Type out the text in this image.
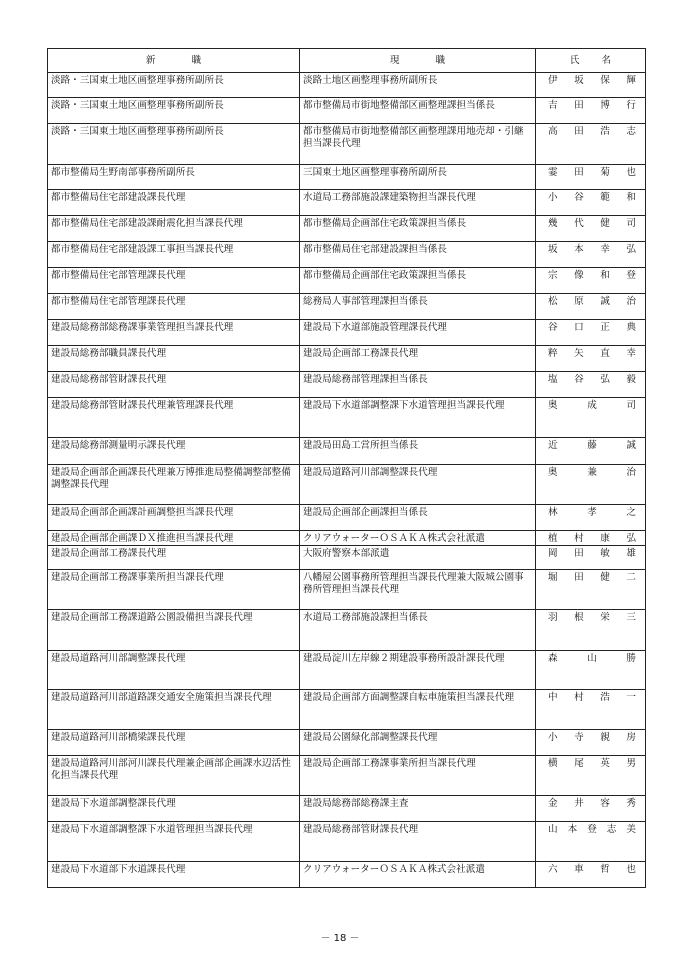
新職	現職	氏名
淡路・三国東土地区画整理事務所副所長	淡路土地区画整理事務所副所長	伊 坂 保 輝

淡路・三国東土地区画整理事務所副所長	都市整備局市街地整備部区画整理課担当係長	吉 田 博 行

淡路・三国東土地区画整理事務所副所長	都市整備局市街地整備部区画整理課用地売却・引継担当課長代理	高 田 浩 志

都市整備局生野南部事務所副所長	三国東土地区画整理事務所副所長	霎 田 菊 也

都市整備局住宅部建設課長代理	水道局工務部施設課建築物担当課長代理	小 谷 範 和

都市整備局住宅部建設課耐震化担当課長代理	都市整備局企画部住宅政策課担当係長	幾 代 健 司

都市整備局住宅部建設課工事担当課長代理	都市整備局住宅部建設課担当係長	坂 本 幸 弘

都市整備局住宅部管理課長代理	都市整備局企画部住宅政策課担当係長	宗 像 和 登

都市整備局住宅部管理課長代理	総務局人事部管理課担当係長	松 原 誠 治

建設局総務部総務課事業管理担当課長代理	建設局下水道部施設管理課長代理	谷 口 正 典

建設局総務部職員課長代理	建設局企画部工務課長代理	粹 矢 直 幸

建設局総務部管財課長代理	建設局総務部管理課担当係長	塩 谷 弘 毅

建設局総務部管財課長代理兼管理課長代理	建設局下水道部調整課下水道管理担当課長代理	奥 成 司

建設局総務部測量明示課長代理	建設局田島工営所担当係長	近 藤 誠

建設局企画部企画課長代理兼万博推進局整備調整部整備調整課長代理	建設局道路河川部調整課長代理	奥 兼 治

建設局企画部企画課計画調整担当課長代理	建設局企画部企画課担当係長	林 孝 之

建設局企画部企画課ＤＸ推進担当課長代理	クリアウォーターＯＳＡＫＡ株式会社派遣	植 村 康 弘

建設局企画部工務課長代理	大阪府警察本部派遣	岡 田 敏 雄

建設局企画部工務課事業所担当課長代理	八幡屋公園事務所管理担当課長代理兼大阪城公園事務所管理担当課長代理	堀 田 健 二

建設局企画部工務課道路公園設備担当課長代理	水道局工務部施設課担当係長	羽 根 栄 三

建設局道路河川部調整課長代理	建設局淀川左岸線２期建設事務所設計課長代理	森 山 勝

建設局道路河川部道路課交通安全施策担当課長代理	建設局企画部方面調整課自転車施策担当課長代理	中 村 浩 一

建設局道路河川部橋梁課長代理	建設局公園緑化部調整課長代理	小 寺 親 房

建設局道路河川部河川課長代理兼企画部企画課水辺活性化担当課長代理	建設局企画部工務課事業所担当課長代理	横 尾 英 男

建設局下水道部調整課長代理	建設局総務部総務課主査	金 井 容 秀

建設局下水道部調整課下水道管理担当課長代理	建設局総務部管財課長代理	山 本 登 志 美

建設局下水道部下水道課長代理	クリアウォーターＯＳＡＫＡ株式会社派遣	六 車 哲 也
－ 18 －
